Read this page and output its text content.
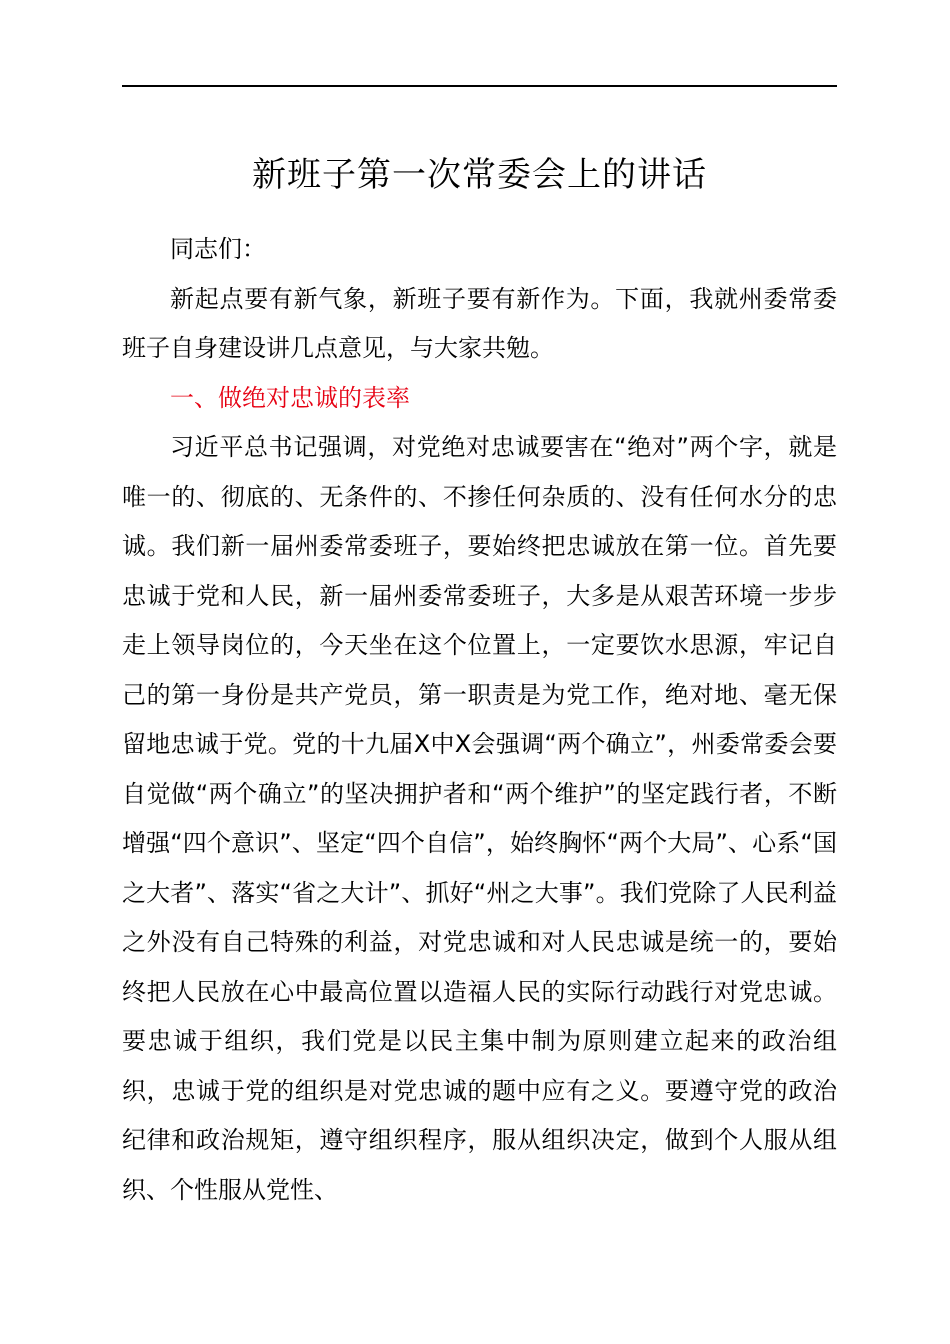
新班子第一次常委会上的讲话

同志们：

新起点要有新气象，新班子要有新作为。下面，我就州委常委班子自身建设讲几点意见，与大家共勉。

一、做绝对忠诚的表率

习近平总书记强调，对党绝对忠诚要害在“绝对”两个字，就是唯一的、彻底的、无条件的、不掺任何杂质的、没有任何水分的忠诚。我们新一届州委常委班子，要始终把忠诚放在第一位。首先要忠诚于党和人民，新一届州委常委班子，大多是从艰苦环境一步步走上领导岗位的，今天坐在这个位置上，一定要饮水思源，牢记自己的第一身份是共产党员，第一职责是为党工作，绝对地、毫无保留地忠诚于党。党的十九届X中X会强调“两个确立”，州委常委会要自觉做“两个确立”的坚决拥护者和“两个维护”的坚定践行者，不断增强“四个意识”、坚定“四个自信”，始终胸怀“两个大局”、心系“国之大者”、落实“省之大计”、抓好“州之大事”。我们党除了人民利益之外没有自己特殊的利益，对党忠诚和对人民忠诚是统一的，要始终把人民放在心中最高位置以造福人民的实际行动践行对党忠诚。要忠诚于组织，我们党是以民主集中制为原则建立起来的政治组织，忠诚于党的组织是对党忠诚的题中应有之义。要遵守党的政治纪律和政治规矩，遵守组织程序，服从组织决定，做到个人服从组织、个性服从党性、
